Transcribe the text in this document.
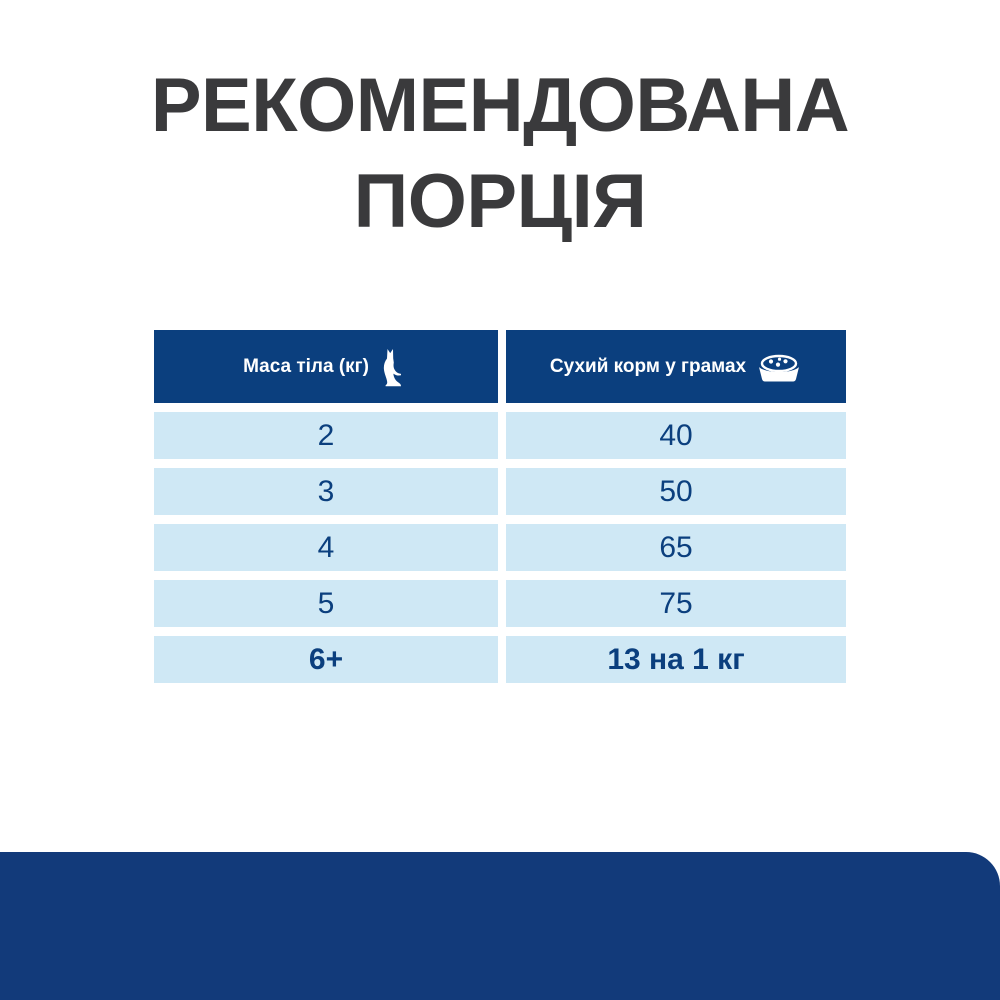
РЕКОМЕНДОВАНА
ПОРЦІЯ
Маса тіла (кг)	Сухий корм у грамах
2	40
3	50
4	65
5	75
6+	13 на 1 кг
